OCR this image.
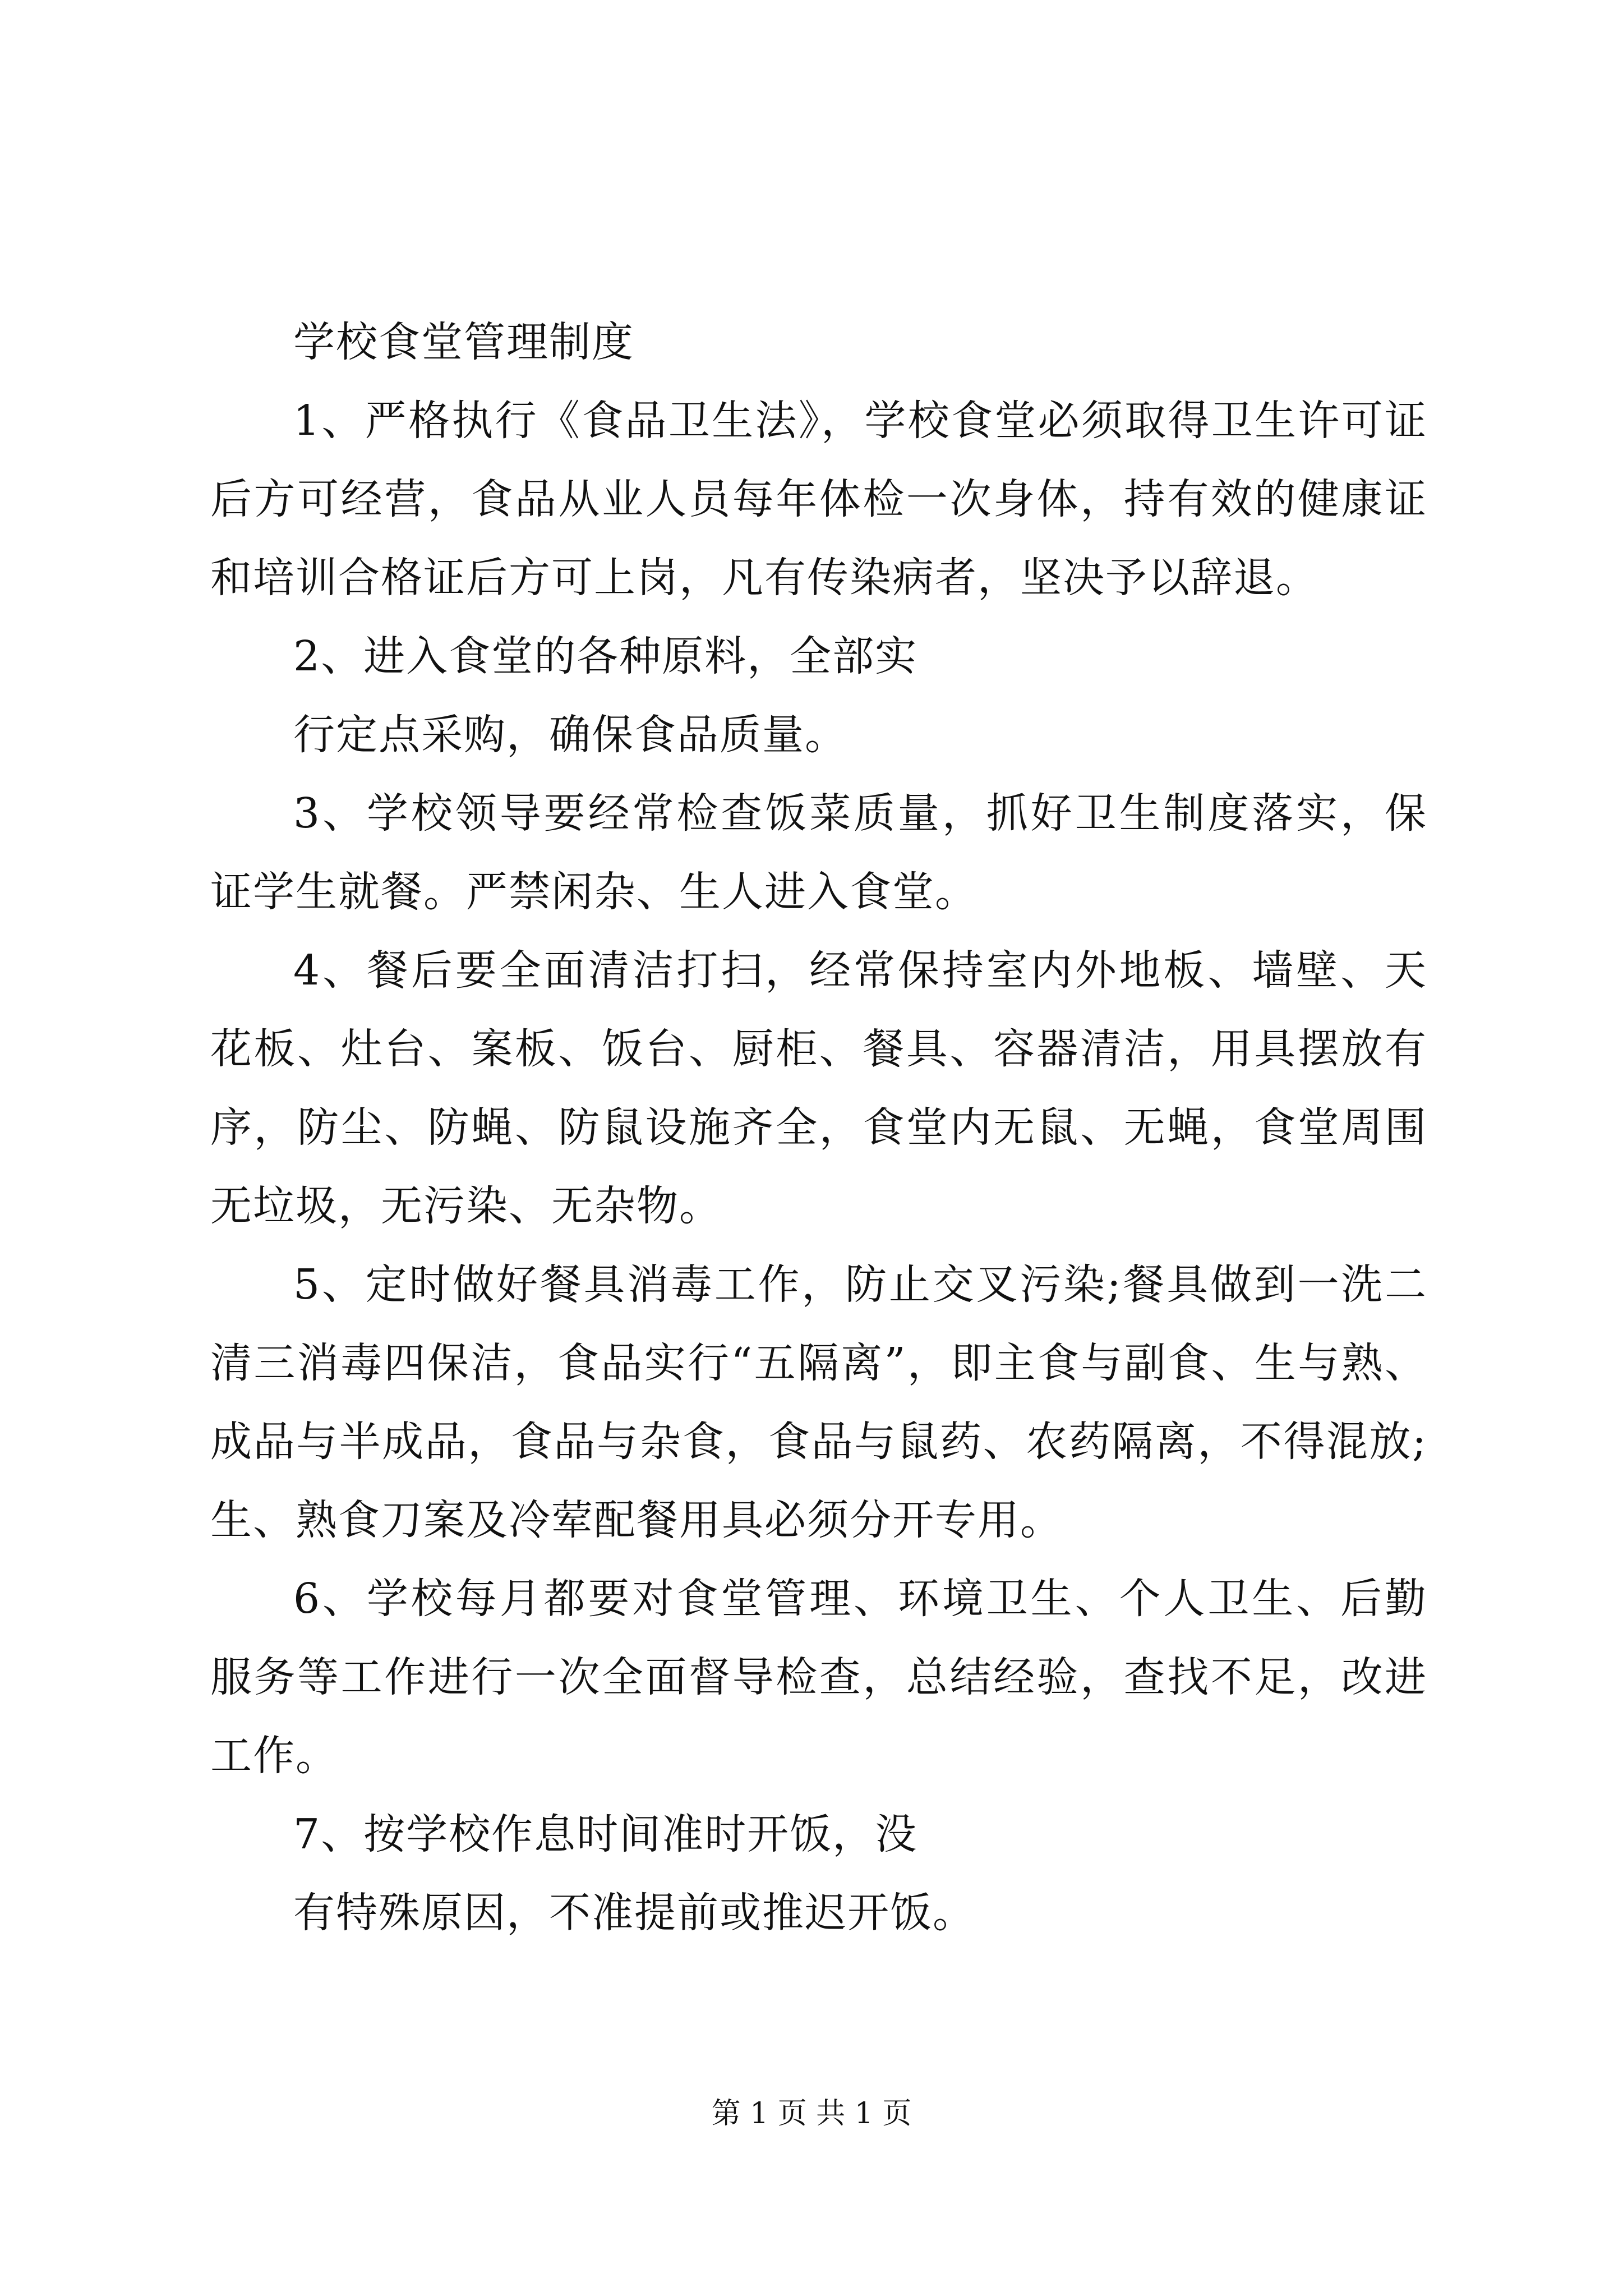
学校食堂管理制度

1、严格执行《食品卫生法》，学校食堂必须取得卫生许可证后方可经营，食品从业人员每年体检一次身体，持有效的健康证和培训合格证后方可上岗，凡有传染病者，坚决予以辞退。

2、进入食堂的各种原料，全部实

行定点采购，确保食品质量。

3、学校领导要经常检查饭菜质量，抓好卫生制度落实，保证学生就餐。严禁闲杂、生人进入食堂。

4、餐后要全面清洁打扫，经常保持室内外地板、墙壁、天花板、灶台、案板、饭台、厨柜、餐具、容器清洁，用具摆放有序，防尘、防蝇、防鼠设施齐全，食堂内无鼠、无蝇，食堂周围无垃圾，无污染、无杂物。

5、定时做好餐具消毒工作，防止交叉污染;餐具做到一洗二清三消毒四保洁，食品实行“五隔离”，即主食与副食、生与熟、成品与半成品，食品与杂食，食品与鼠药、农药隔离，不得混放;生、熟食刀案及冷荤配餐用具必须分开专用。

6、学校每月都要对食堂管理、环境卫生、个人卫生、后勤服务等工作进行一次全面督导检查，总结经验，查找不足，改进工作。

7、按学校作息时间准时开饭，没

有特殊原因，不准提前或推迟开饭。

第 1 页 共 1 页
